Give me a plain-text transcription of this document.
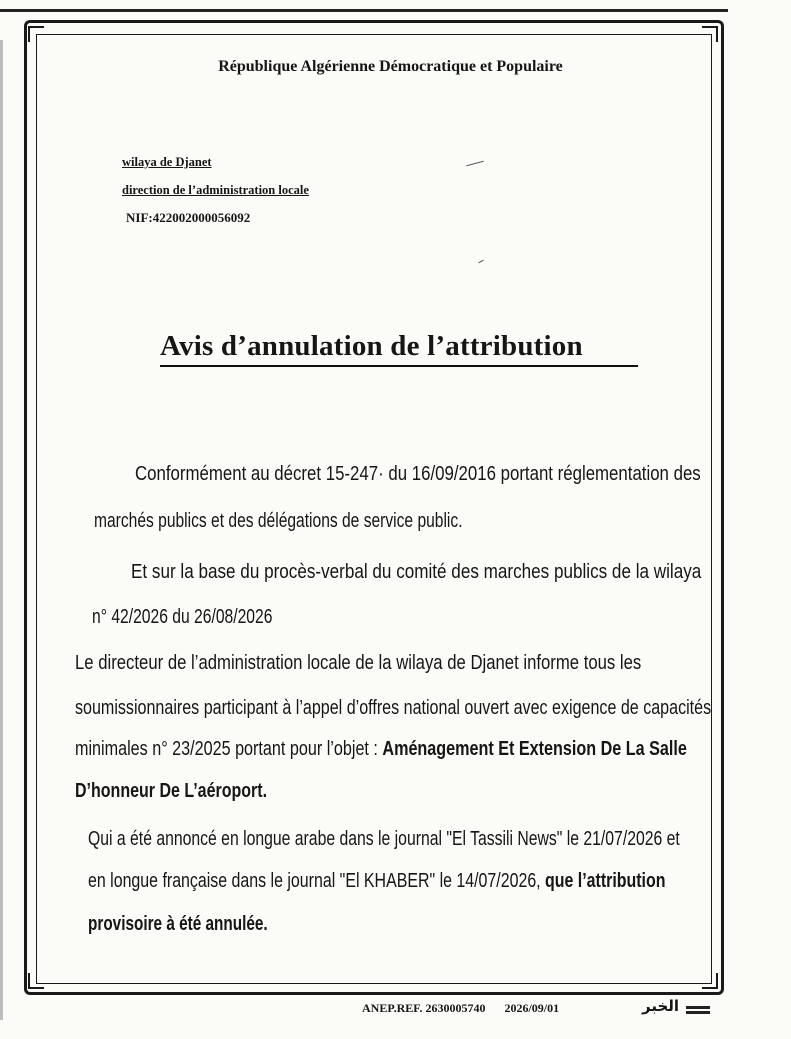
République Algérienne Démocratique et Populaire
wilaya de Djanet
direction de l’administration locale
NIF:422002000056092
Avis d’annulation de l’attribution
Conformément au décret 15-247· du 16/09/2016 portant réglementation des
marchés publics et des délégations de service public.
Et sur la base du procès-verbal du comité des marches publics de la wilaya
n° 42/2026 du 26/08/2026
Le directeur de l’administration locale de la wilaya de Djanet informe tous les
soumissionnaires participant à l’appel d’offres national ouvert avec exigence de capacités
minimales n° 23/2025 portant pour l’objet : Aménagement Et Extension De La Salle
D’honneur De L’aéroport.
Qui a été annoncé en longue arabe dans le journal "El Tassili News" le 21/07/2026 et
en longue française dans le journal "El KHABER" le 14/07/2026, que l’attribution
provisoire à été annulée.
ANEP.REF. 2630005740 2026/09/01	الخبر
